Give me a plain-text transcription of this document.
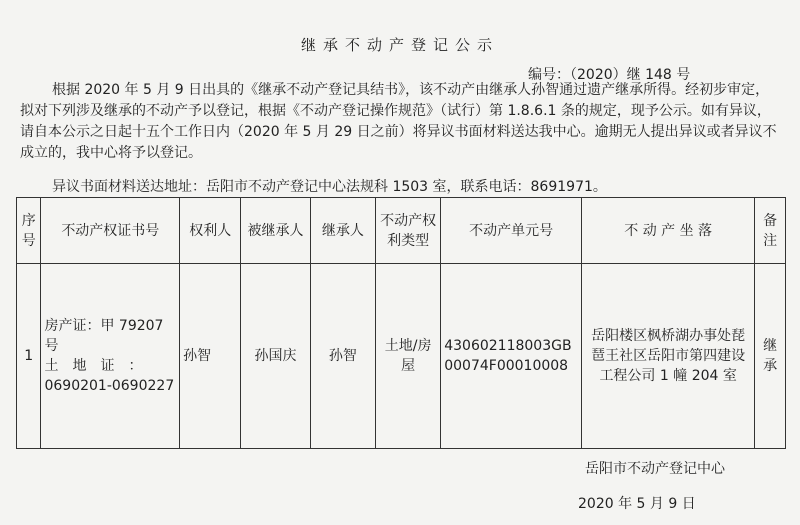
继承不动产登记公示
编号：（2020）继 148 号
根据 2020 年 5 月 9 日出具的《继承不动产登记具结书》，该不动产由继承人孙智通过遗产继承所得。经初步审定，拟对下列涉及继承的不动产予以登记，根据《不动产登记操作规范》（试行）第 1.8.6.1 条的规定，现予公示。如有异议，请自本公示之日起十五个工作日内（2020 年 5 月 29 日之前）将异议书面材料送达我中心。逾期无人提出异议或者异议不成立的，我中心将予以登记。
异议书面材料送达地址：岳阳市不动产登记中心法规科 1503 室，联系电话：8691971。
序号	不动产权证书号	权利人	被继承人	继承人	不动产权利类型	不动产单元号	不 动 产 坐 落	备注
1	房产证：甲 79207 号
土　地　证　：
0690201-0690227	孙智	孙国庆	孙智	土地/房屋	430602118003GB00074F00010008	岳阳楼区枫桥湖办事处琵琶王社区岳阳市第四建设工程公司 1 幢 204 室	继承
岳阳市不动产登记中心
2020 年 5 月 9 日
